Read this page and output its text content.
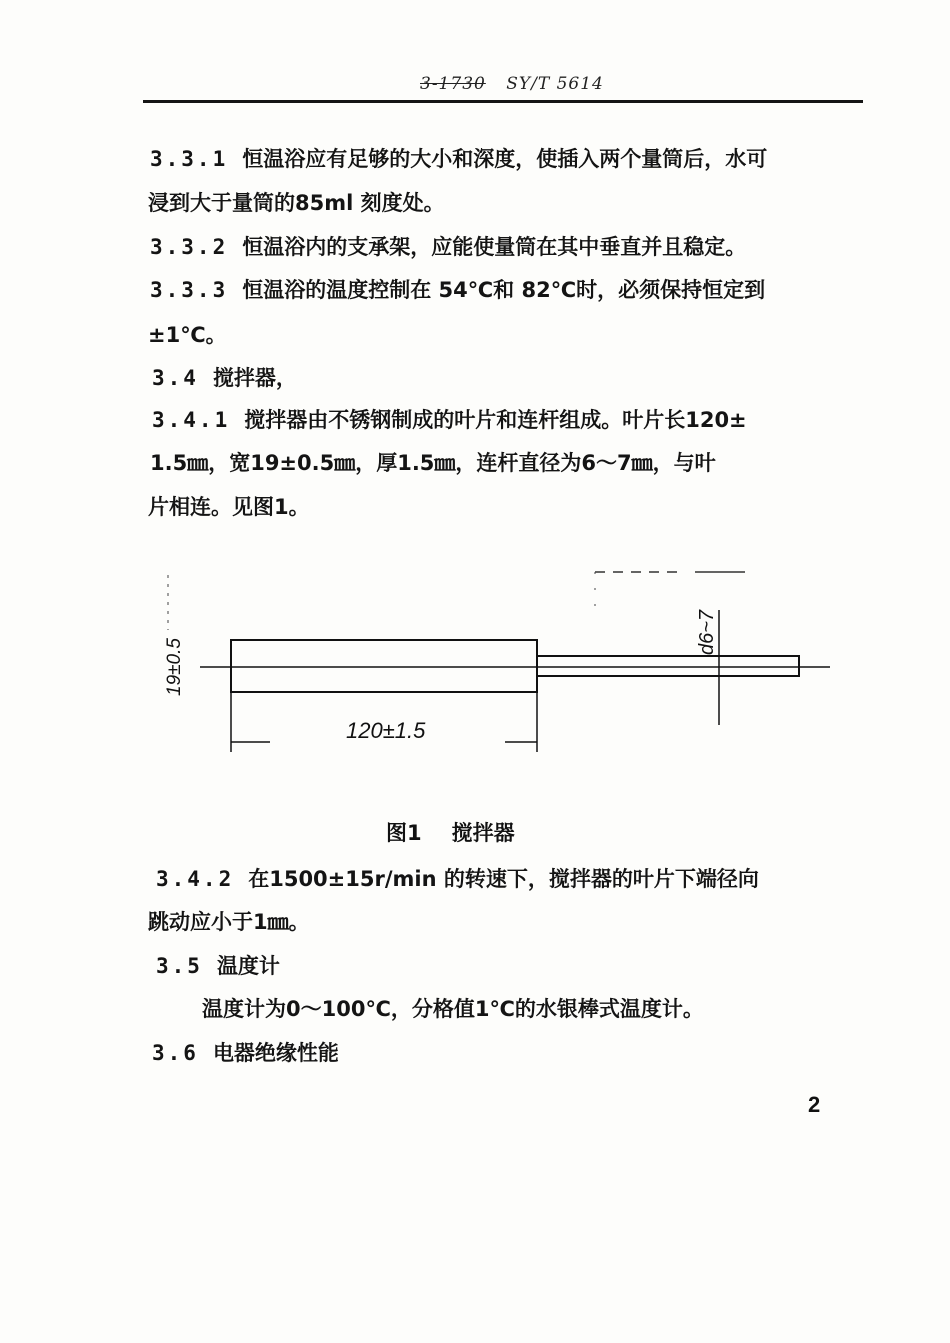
3-1730 SY/T 5614
3.3.1 恒温浴应有足够的大小和深度，使插入两个量筒后，水可
浸到大于量筒的85ml 刻度处。
3.3.2 恒温浴内的支承架，应能使量筒在其中垂直并且稳定。
3.3.3 恒温浴的温度控制在 54℃和 82℃时，必须保持恒定到
±1℃。
3.4 搅拌器，
3.4.1 搅拌器由不锈钢制成的叶片和连杆组成。叶片长120±
1.5㎜，宽19±0.5㎜，厚1.5㎜，连杆直径为6～7㎜，与叶
片相连。见图1。
19±0.5
120±1.5
d6~7
图1 搅拌器
3.4.2 在1500±15r/min 的转速下，搅拌器的叶片下端径向
跳动应小于1㎜。
3.5 温度计
温度计为0～100℃，分格值1℃的水银棒式温度计。
3.6 电器绝缘性能
2
